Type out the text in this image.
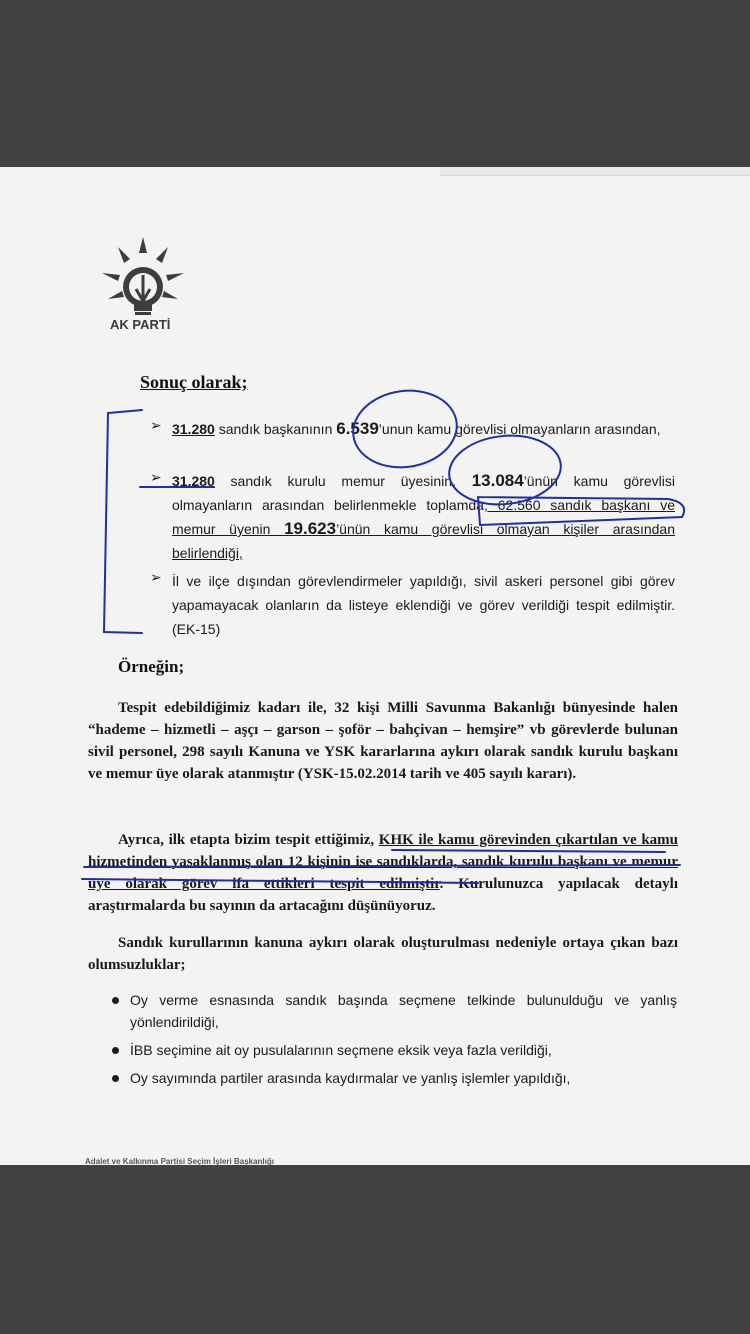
AK PARTİ
Sonuç olarak;
➢ 31.280 sandık başkanının 6.539’unun kamu görevlisi olmayanların arasından,
➢ 31.280 sandık kurulu memur üyesinin, 13.084’ünün kamu görevlisi olmayanların arasından belirlenmekle toplamda; 62.560 sandık başkanı ve memur üyenin 19.623’ünün kamu görevlisi olmayan kişiler arasından belirlendiği,
➢ İl ve ilçe dışından görevlendirmeler yapıldığı, sivil askeri personel gibi görev yapamayacak olanların da listeye eklendiği ve görev verildiği tespit edilmiştir. (EK-15)
Örneğin;
Tespit edebildiğimiz kadarı ile, 32 kişi Milli Savunma Bakanlığı bünyesinde halen “hademe – hizmetli – aşçı – garson – şoför – bahçivan – hemşire” vb görevlerde bulunan sivil personel, 298 sayılı Kanuna ve YSK kararlarına aykırı olarak sandık kurulu başkanı ve memur üye olarak atanmıştır (YSK-15.02.2014 tarih ve 405 sayılı kararı).
Ayrıca, ilk etapta bizim tespit ettiğimiz, KHK ile kamu görevinden çıkartılan ve kamu hizmetinden yasaklanmış olan 12 kişinin ise sandıklarda, sandık kurulu başkanı ve memur üye olarak görev ifa ettikleri tespit edilmiştir. Kurulunuzca yapılacak detaylı araştırmalarda bu sayının da artacağını düşünüyoruz.
Sandık kurullarının kanuna aykırı olarak oluşturulması nedeniyle ortaya çıkan bazı olumsuzluklar;
Oy verme esnasında sandık başında seçmene telkinde bulunulduğu ve yanlış yönlendirildiği,
İBB seçimine ait oy pusulalarının seçmene eksik veya fazla verildiği,
Oy sayımında partiler arasında kaydırmalar ve yanlış işlemler yapıldığı,
Adalet ve Kalkınma Partisi Seçim İşleri Başkanlığı
